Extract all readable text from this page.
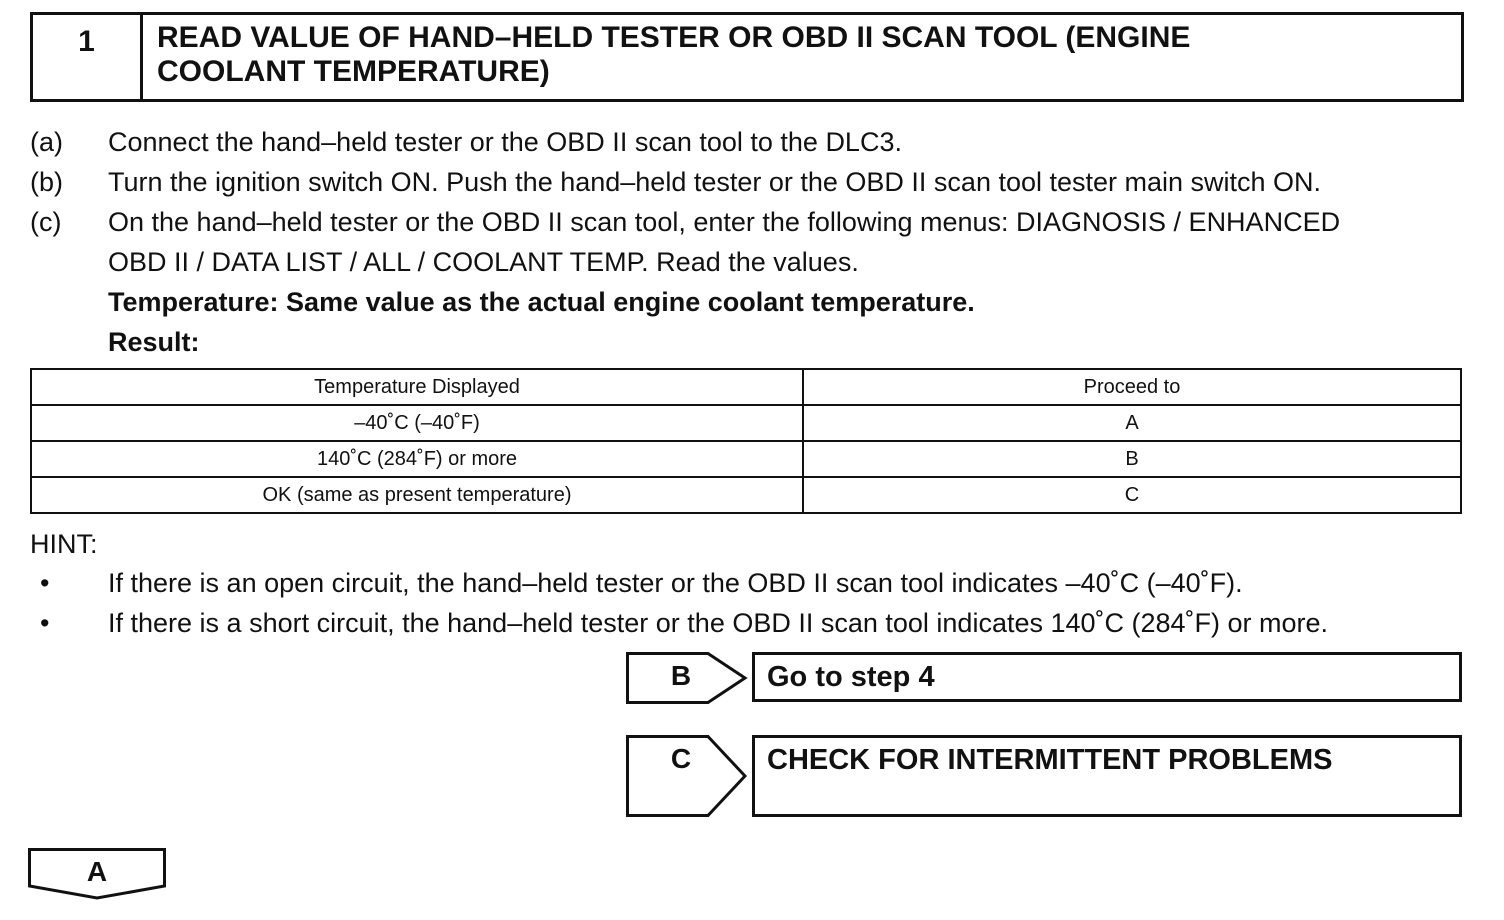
1	READ VALUE OF HAND–HELD TESTER OR OBD II SCAN TOOL (ENGINE
COOLANT TEMPERATURE)
(a) Connect the hand–held tester or the OBD II scan tool to the DLC3.
(b) Turn the ignition switch ON. Push the hand–held tester or the OBD II scan tool tester main switch ON.
(c) On the hand–held tester or the OBD II scan tool, enter the following menus: DIAGNOSIS / ENHANCED
OBD II / DATA LIST / ALL / COOLANT TEMP. Read the values.
Temperature: Same value as the actual engine coolant temperature.
Result:
Temperature Displayed	Proceed to
–40˚C (–40˚F)	A
140˚C (284˚F) or more	B
OK (same as present temperature)	C
HINT:
• If there is an open circuit, the hand–held tester or the OBD II scan tool indicates –40˚C (–40˚F).
• If there is a short circuit, the hand–held tester or the OBD II scan tool indicates 140˚C (284˚F) or more.
B	Go to step 4
C	CHECK FOR INTERMITTENT PROBLEMS
A
